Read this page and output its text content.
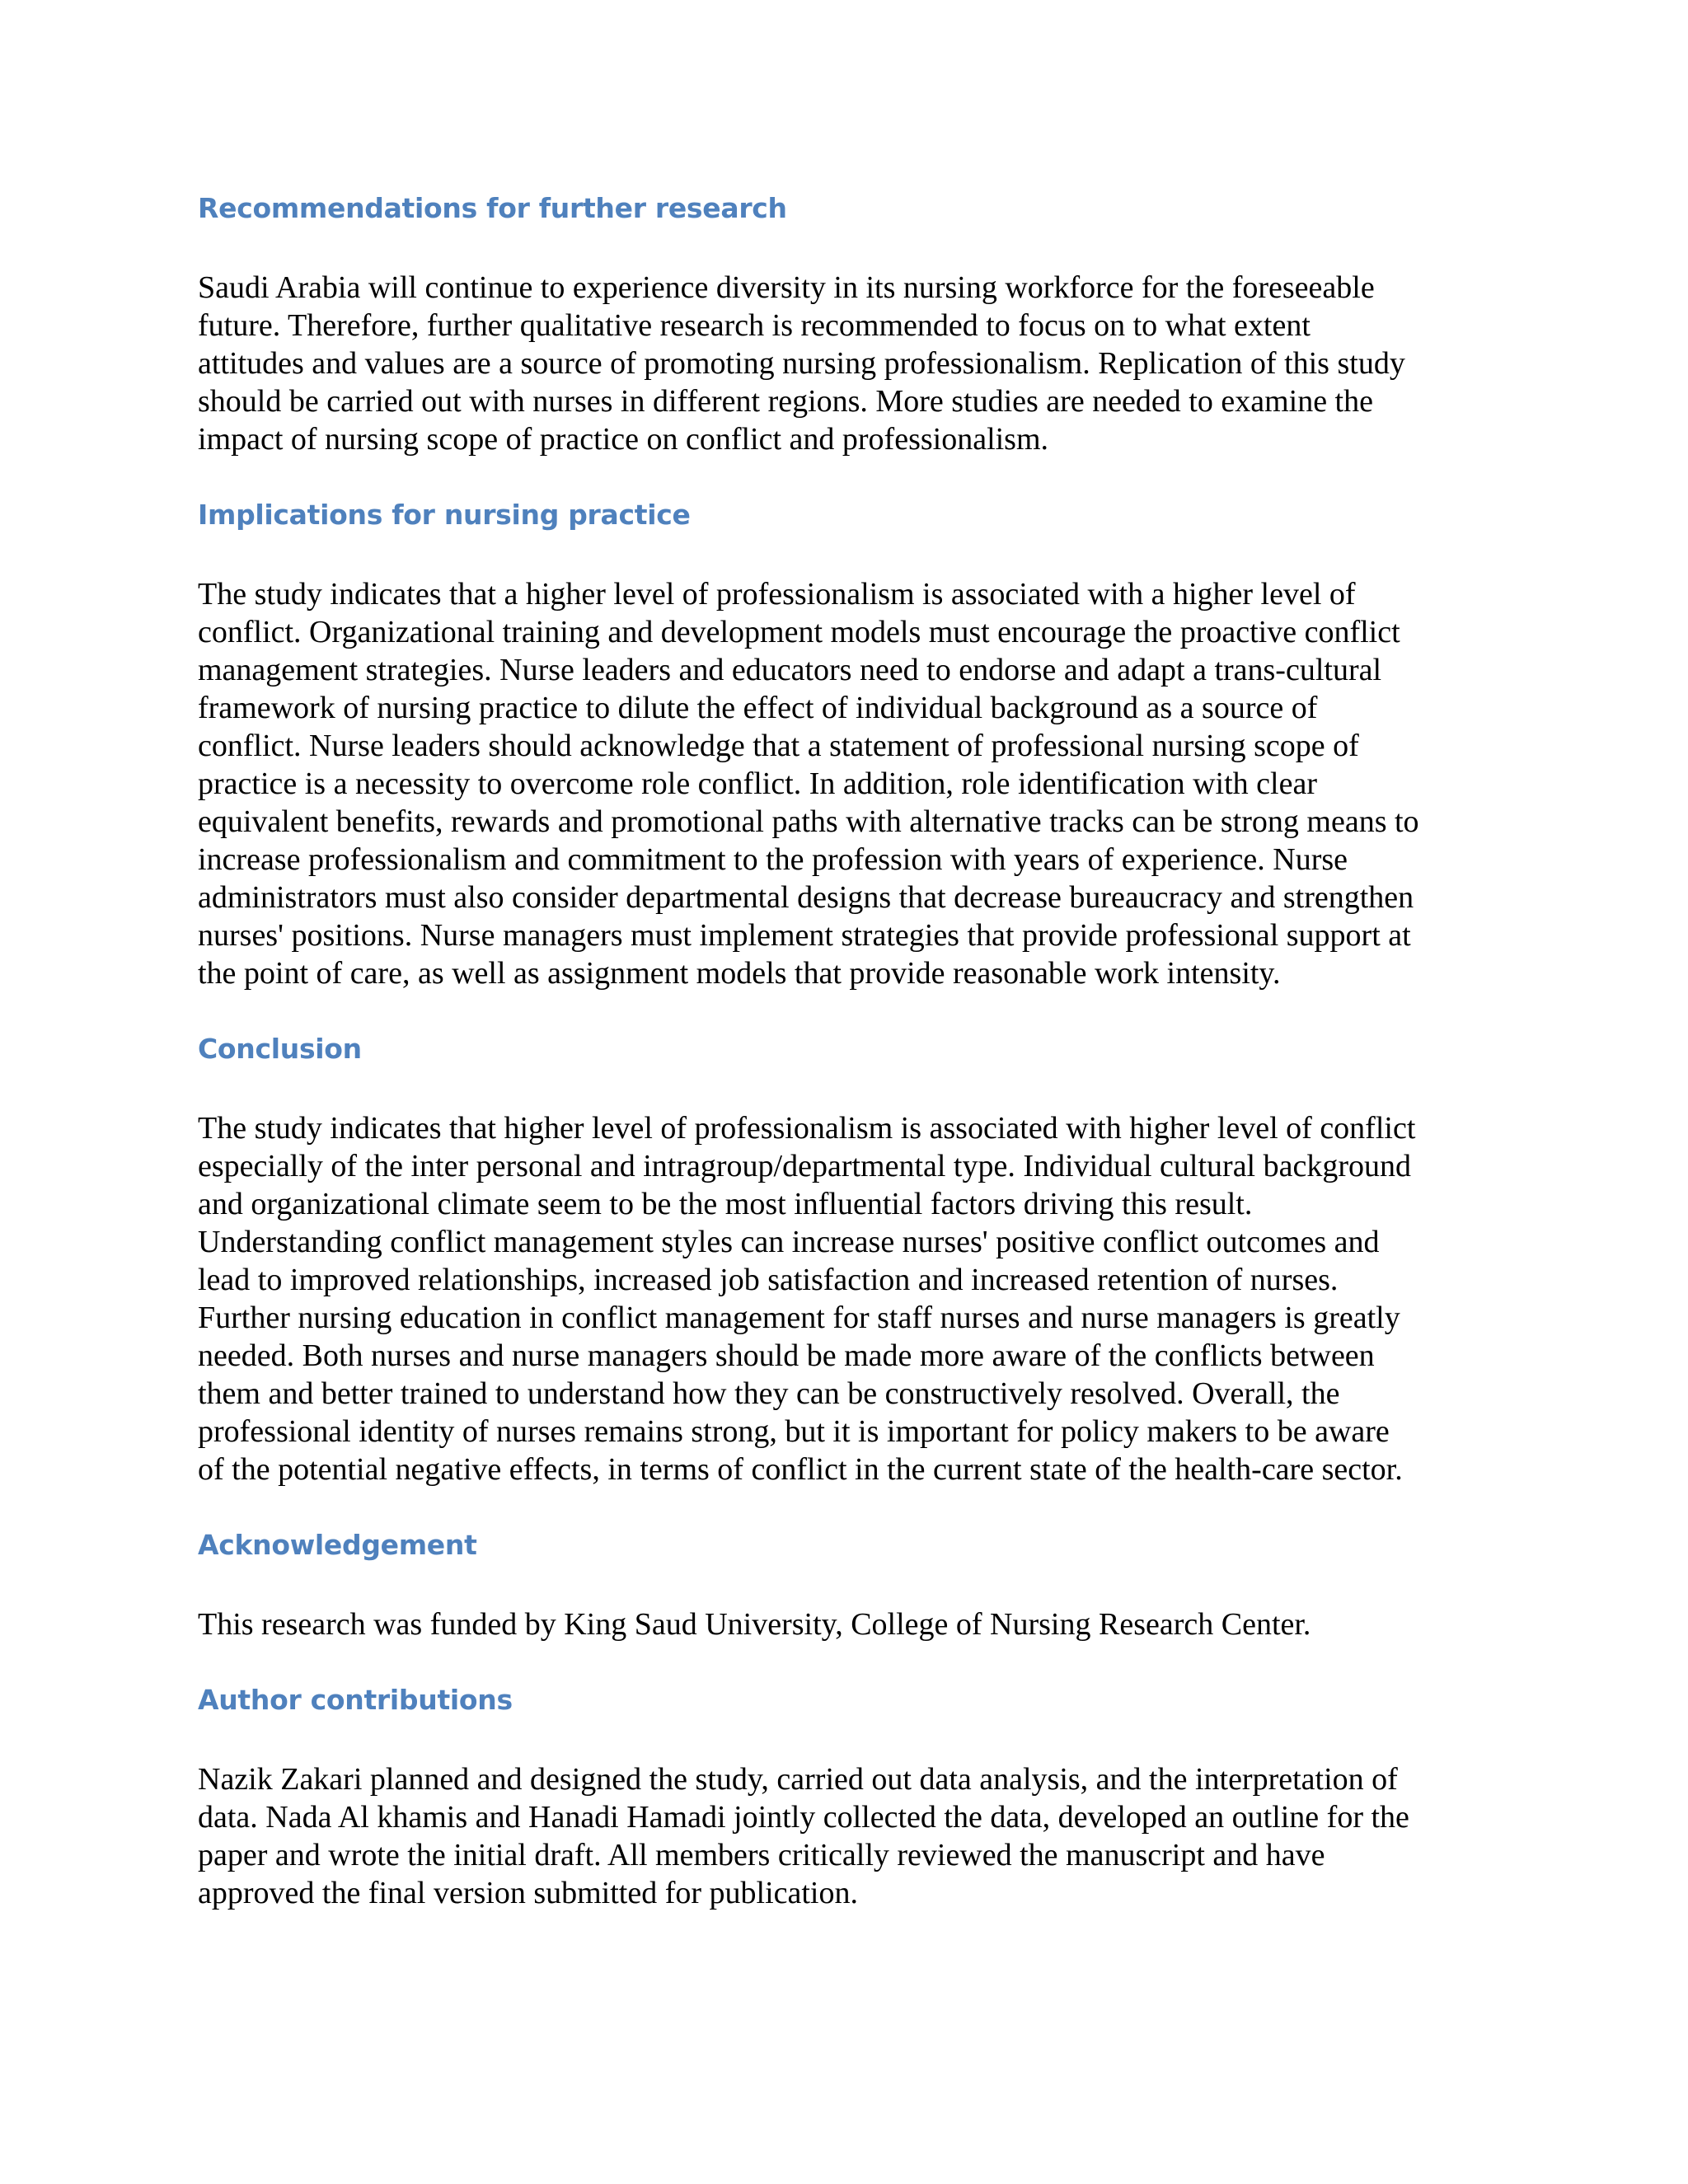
Recommendations for further research

Saudi Arabia will continue to experience diversity in its nursing workforce for the foreseeable
future. Therefore, further qualitative research is recommended to focus on to what extent
attitudes and values are a source of promoting nursing professionalism. Replication of this study
should be carried out with nurses in different regions. More studies are needed to examine the
impact of nursing scope of practice on conflict and professionalism.

Implications for nursing practice

The study indicates that a higher level of professionalism is associated with a higher level of
conflict. Organizational training and development models must encourage the proactive conflict
management strategies. Nurse leaders and educators need to endorse and adapt a trans-cultural
framework of nursing practice to dilute the effect of individual background as a source of
conflict. Nurse leaders should acknowledge that a statement of professional nursing scope of
practice is a necessity to overcome role conflict. In addition, role identification with clear
equivalent benefits, rewards and promotional paths with alternative tracks can be strong means to
increase professionalism and commitment to the profession with years of experience. Nurse
administrators must also consider departmental designs that decrease bureaucracy and strengthen
nurses' positions. Nurse managers must implement strategies that provide professional support at
the point of care, as well as assignment models that provide reasonable work intensity.

Conclusion

The study indicates that higher level of professionalism is associated with higher level of conflict
especially of the inter personal and intragroup/departmental type. Individual cultural background
and organizational climate seem to be the most influential factors driving this result.
Understanding conflict management styles can increase nurses' positive conflict outcomes and
lead to improved relationships, increased job satisfaction and increased retention of nurses.
Further nursing education in conflict management for staff nurses and nurse managers is greatly
needed. Both nurses and nurse managers should be made more aware of the conflicts between
them and better trained to understand how they can be constructively resolved. Overall, the
professional identity of nurses remains strong, but it is important for policy makers to be aware
of the potential negative effects, in terms of conflict in the current state of the health-care sector.

Acknowledgement

This research was funded by King Saud University, College of Nursing Research Center.

Author contributions

Nazik Zakari planned and designed the study, carried out data analysis, and the interpretation of
data. Nada Al khamis and Hanadi Hamadi jointly collected the data, developed an outline for the
paper and wrote the initial draft. All members critically reviewed the manuscript and have
approved the final version submitted for publication.
